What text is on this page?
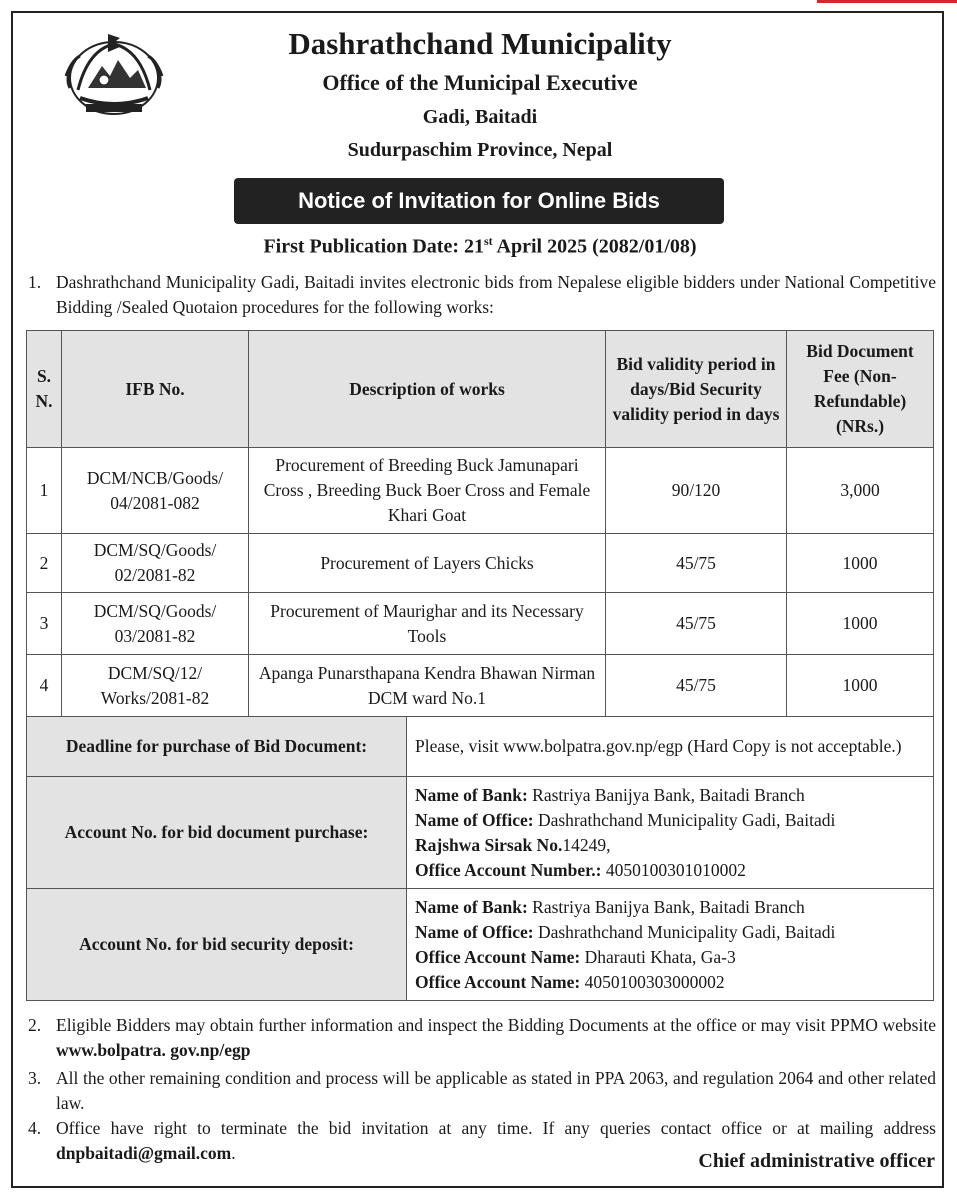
Dashrathchand Municipality
Office of the Municipal Executive
Gadi, Baitadi
Sudurpaschim Province, Nepal
Notice of Invitation for Online Bids
First Publication Date: 21st April 2025 (2082/01/08)
1. Dashrathchand Municipality Gadi, Baitadi invites electronic bids from Nepalese eligible bidders under National Competitive Bidding /Sealed Quotaion procedures for the following works:
S. N.	IFB No.	Description of works	Bid validity period in days/Bid Security validity period in days	Bid Document Fee (Non-Refundable) (NRs.)
1	DCM/NCB/Goods/ 04/2081-082	Procurement of Breeding Buck Jamunapari Cross , Breeding Buck Boer Cross and Female Khari Goat	90/120	3,000
2	DCM/SQ/Goods/ 02/2081-82	Procurement of Layers Chicks	45/75	1000
3	DCM/SQ/Goods/ 03/2081-82	Procurement of Maurighar and its Necessary Tools	45/75	1000
4	DCM/SQ/12/ Works/2081-82	Apanga Punarsthapana Kendra Bhawan Nirman DCM ward No.1	45/75	1000
Deadline for purchase of Bid Document:	Please, visit www.bolpatra.gov.np/egp (Hard Copy is not acceptable.)
Account No. for bid document purchase:	Name of Bank: Rastriya Banijya Bank, Baitadi Branch
Name of Office: Dashrathchand Municipality Gadi, Baitadi
Rajshwa Sirsak No.14249,
Office Account Number.: 4050100301010002

Account No. for bid security deposit:	Name of Bank: Rastriya Banijya Bank, Baitadi Branch
Name of Office: Dashrathchand Municipality Gadi, Baitadi
Office Account Name: Dharauti Khata, Ga-3
Office Account Name: 4050100303000002
2. Eligible Bidders may obtain further information and inspect the Bidding Documents at the office or may visit PPMO website www.bolpatra. gov.np/egp
3. All the other remaining condition and process will be applicable as stated in PPA 2063, and regulation 2064 and other related law.
4. Office have right to terminate the bid invitation at any time. If any queries contact office or at mailing address dnpbaitadi@gmail.com.	Chief administrative officer
